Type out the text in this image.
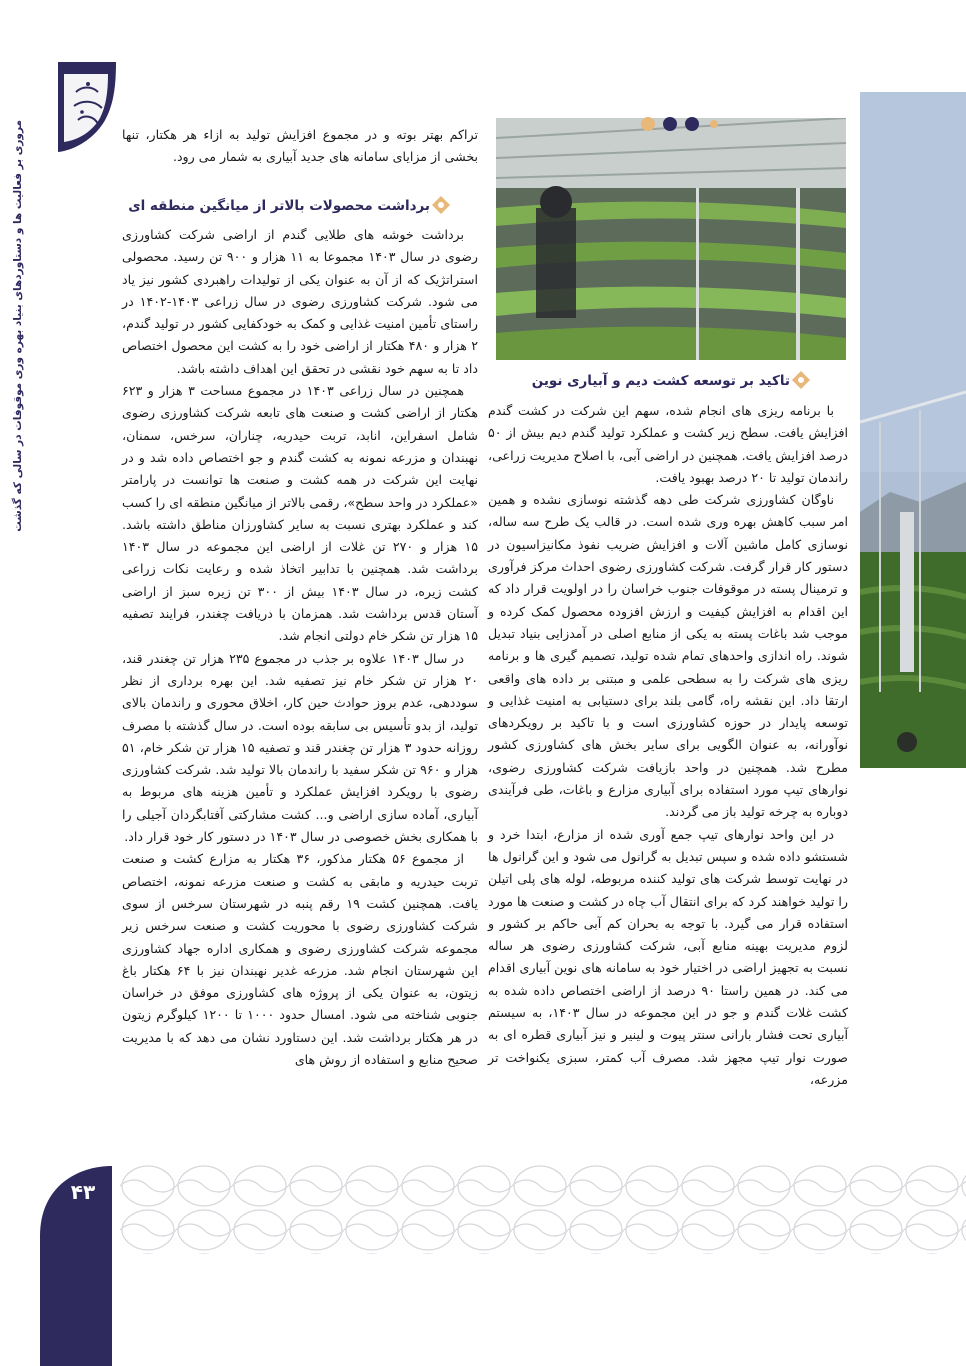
مروری بر فعالیت ها و دستاوردهای بنیاد بهره وری موقوفات در سالی که گذشت
۴۳
تاکید بر توسعه کشت دیم و آبیاری نوین

با برنامه ریزی های انجام شده، سهم این شرکت در کشت گندم افزایش یافت. سطح زیر کشت و عملکرد تولید گندم دیم بیش از ۵۰ درصد افزایش یافت. همچنین در اراضی آبی، با اصلاح مدیریت زراعی، راندمان تولید تا ۲۰ درصد بهبود یافت.

ناوگان کشاورزی شرکت طی دهه گذشته نوسازی نشده و همین امر سبب کاهش بهره وری شده است. در قالب یک طرح سه ساله، نوسازی کامل ماشین آلات و افزایش ضریب نفوذ مکانیزاسیون در دستور کار قرار گرفت. شرکت کشاورزی رضوی احداث مرکز فرآوری و ترمینال پسته در موقوفات جنوب خراسان را در اولویت قرار داد که این اقدام به افزایش کیفیت و ارزش افزوده محصول کمک کرده و موجب شد باغات پسته به یکی از منابع اصلی در آمدزایی بنیاد تبدیل شوند. راه اندازی واحدهای تمام شده تولید، تصمیم گیری ها و برنامه ریزی های شرکت را به سطحی علمی و مبتنی بر داده های واقعی ارتقا داد. این نقشه راه، گامی بلند برای دستیابی به امنیت غذایی و توسعه پایدار در حوزه کشاورزی است و با تاکید بر رویکردهای نوآورانه، به عنوان الگویی برای سایر بخش های کشاورزی کشور مطرح شد. همچنین در واحد بازیافت شرکت کشاورزی رضوی، نوارهای تیپ مورد استفاده برای آبیاری مزارع و باغات، طی فرآیندی دوباره به چرخه تولید باز می گردند.

در این واحد نوارهای تیپ جمع آوری شده از مزارع، ابتدا خرد و شستشو داده شده و سپس تبدیل به گرانول می شود و این گرانول ها در نهایت توسط شرکت های تولید کننده مربوطه، لوله های پلی اتیلن را تولید خواهند کرد که برای انتقال آب چاه در کشت و صنعت ها مورد استفاده قرار می گیرد. با توجه به بحران کم آبی حاکم بر کشور و لزوم مدیریت بهینه منابع آبی، شرکت کشاورزی رضوی هر ساله نسبت به تجهیز اراضی در اختیار خود به سامانه های نوین آبیاری اقدام می کند. در همین راستا ۹۰ درصد از اراضی اختصاص داده شده به کشت غلات گندم و جو در این مجموعه در سال ۱۴۰۳، به سیستم آبیاری تحت فشار بارانی سنتر پیوت و لینیر و نیز آبیاری قطره ای به صورت نوار تیپ مجهز شد. مصرف آب کمتر، سبزی یکنواخت تر مزرعه،

تراکم بهتر بوته و در مجموع افزایش تولید به ازاء هر هکتار، تنها بخشی از مزایای سامانه های جدید آبیاری به شمار می رود.

برداشت محصولات بالاتر از میانگین منطقه ای

برداشت خوشه های طلایی گندم از اراضی شرکت کشاورزی رضوی در سال ۱۴۰۳ مجموعا به ۱۱ هزار و ۹۰۰ تن رسید. محصولی استراتژیک که از آن به عنوان یکی از تولیدات راهبردی کشور نیز یاد می شود. شرکت کشاورزی رضوی در سال زراعی ۱۴۰۳-۱۴۰۲ در راستای تأمین امنیت غذایی و کمک به خودکفایی کشور در تولید گندم، ۲ هزار و ۴۸۰ هکتار از اراضی خود را به کشت این محصول اختصاص داد تا به سهم خود نقشی در تحقق این اهداف داشته باشد.

همچنین در سال زراعی ۱۴۰۳ در مجموع مساحت ۳ هزار و ۶۲۳ هکتار از اراضی کشت و صنعت های تابعه شرکت کشاورزی رضوی شامل اسفراین، انابد، تربت حیدریه، چناران، سرخس، سمنان، نهبندان و مزرعه نمونه به کشت گندم و جو اختصاص داده شد و در نهایت این شرکت در همه کشت و صنعت ها توانست در پارامتر «عملکرد در واحد سطح»، رقمی بالاتر از میانگین منطقه ای را کسب کند و عملکرد بهتری نسبت به سایر کشاورزان مناطق داشته باشد. ۱۵ هزار و ۲۷۰ تن غلات از اراضی این مجموعه در سال ۱۴۰۳ برداشت شد. همچنین با تدابیر اتخاذ شده و رعایت نکات زراعی کشت زیره، در سال ۱۴۰۳ بیش از ۳۰۰ تن زیره سبز از اراضی آستان قدس برداشت شد. همزمان با دریافت چغندر، فرایند تصفیه ۱۵ هزار تن شکر خام دولتی انجام شد.

در سال ۱۴۰۳ علاوه بر جذب در مجموع ۲۳۵ هزار تن چغندر قند، ۲۰ هزار تن شکر خام نیز تصفیه شد. این بهره برداری از نظر سوددهی، عدم بروز حوادث حین کار، اخلاق محوری و راندمان بالای تولید، از بدو تأسیس بی سابقه بوده است. در سال گذشته با مصرف روزانه حدود ۳ هزار تن چغندر قند و تصفیه ۱۵ هزار تن شکر خام، ۵۱ هزار و ۹۶۰ تن شکر سفید با راندمان بالا تولید شد. شرکت کشاورزی رضوی با رویکرد افزایش عملکرد و تأمین هزینه های مربوط به آبیاری، آماده سازی اراضی و... کشت مشارکتی آفتابگردان آجیلی را با همکاری بخش خصوصی در سال ۱۴۰۳ در دستور کار خود قرار داد.

از مجموع ۵۶ هکتار مذکور، ۳۶ هکتار به مزارع کشت و صنعت تربت حیدریه و مابقی به کشت و صنعت مزرعه نمونه، اختصاص یافت. همچنین کشت ۱۹ رقم پنبه در شهرستان سرخس از سوی شرکت کشاورزی رضوی با محوریت کشت و صنعت سرخس زیر مجموعه شرکت کشاورزی رضوی و همکاری اداره جهاد کشاورزی این شهرستان انجام شد. مزرعه غدیر نهبندان نیز با ۶۴ هکتار باغ زیتون، به عنوان یکی از پروژه های کشاورزی موفق در خراسان جنوبی شناخته می شود. امسال حدود ۱۰۰۰ تا ۱۲۰۰ کیلوگرم زیتون در هر هکتار برداشت شد. این دستاورد نشان می دهد که با مدیریت صحیح منابع و استفاده از روش های
